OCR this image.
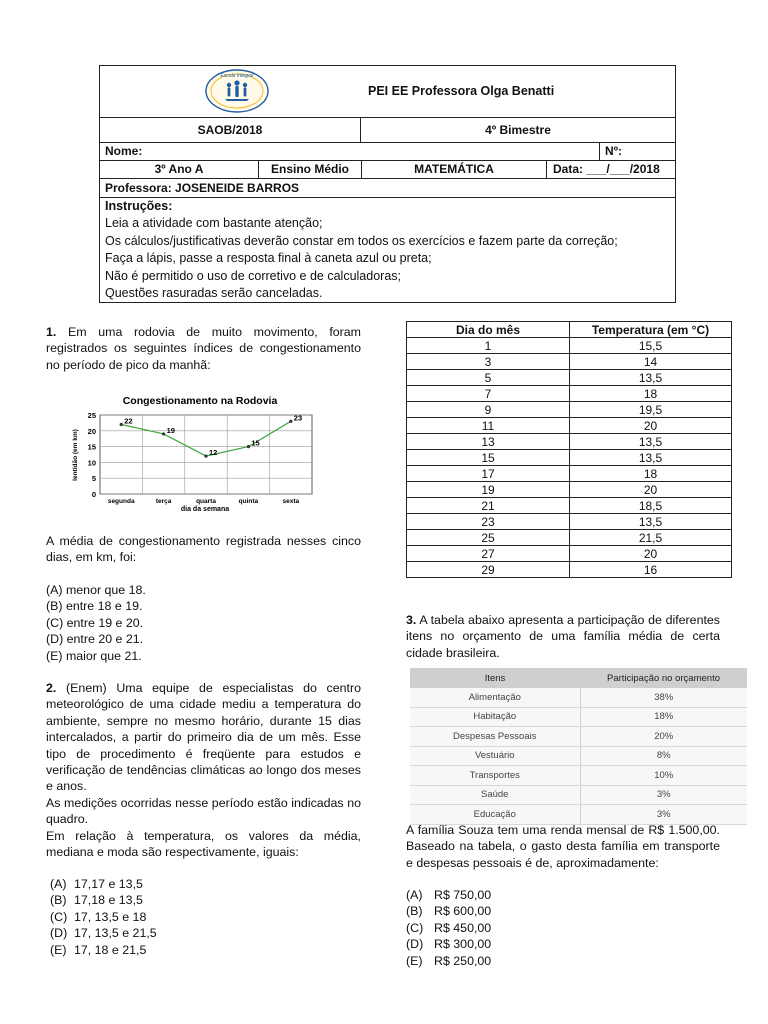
Escola Integral
PEI EE Professora Olga Benatti
SAOB/2018	4º Bimestre
Nome:	Nº:
3º Ano A	Ensino Médio	MATEMÁTICA	Data: ___/___/2018
Professora: JOSENEIDE BARROS
Instruções:
Leia a atividade com bastante atenção;
Os cálculos/justificativas deverão constar em todos os exercícios e fazem parte da correção;
Faça a lápis, passe a resposta final à caneta azul ou preta;
Não é permitido o uso de corretivo e de calculadoras;
Questões rasuradas serão canceladas.
1. Em uma rodovia de muito movimento, foram registrados os seguintes índices de congestionamento no período de pico da manhã:
Congestionamento na Rodovia
0
5
10
15
20
25
segunda	terça	quarta	quinta	sexta
22
19
12
15
23
dia da semana
lentidão (em km)
A média de congestionamento registrada nesses cinco dias, em km, foi:
(A) menor que 18.
(B) entre 18 e 19.
(C) entre 19 e 20.
(D) entre 20 e 21.
(E) maior que 21.
2. (Enem) Uma equipe de especialistas do centro meteorológico de uma cidade mediu a temperatura do ambiente, sempre no mesmo horário, durante 15 dias intercalados, a partir do primeiro dia de um mês. Esse tipo de procedimento é freqüente para estudos e verificação de tendências climáticas ao longo dos meses e anos.
As medições ocorridas nesse período estão indicadas no quadro.
Em relação à temperatura, os valores da média, mediana e moda são respectivamente, iguais:
(A) 17,17 e 13,5
(B) 17,18 e 13,5
(C) 17, 13,5 e 18
(D) 17, 13,5 e 21,5
(E) 17, 18 e 21,5
Dia do mês	Temperatura (em °C)
1	15,5
3	14
5	13,5
7	18
9	19,5
11	20
13	13,5
15	13,5
17	18
19	20
21	18,5
23	13,5
25	21,5
27	20
29	16
3. A tabela abaixo apresenta a participação de diferentes itens no orçamento de uma família média de certa cidade brasileira.
Itens	Participação no orçamento
Alimentação	38%
Habitação	18%
Despesas Pessoais	20%
Vestuário	8%
Transportes	10%
Saúde	3%
Educação	3%
A família Souza tem uma renda mensal de R$ 1.500,00. Baseado na tabela, o gasto desta família em transporte e despesas pessoais é de, aproximadamente:
(A) R$ 750,00
(B) R$ 600,00
(C) R$ 450,00
(D) R$ 300,00
(E) R$ 250,00
